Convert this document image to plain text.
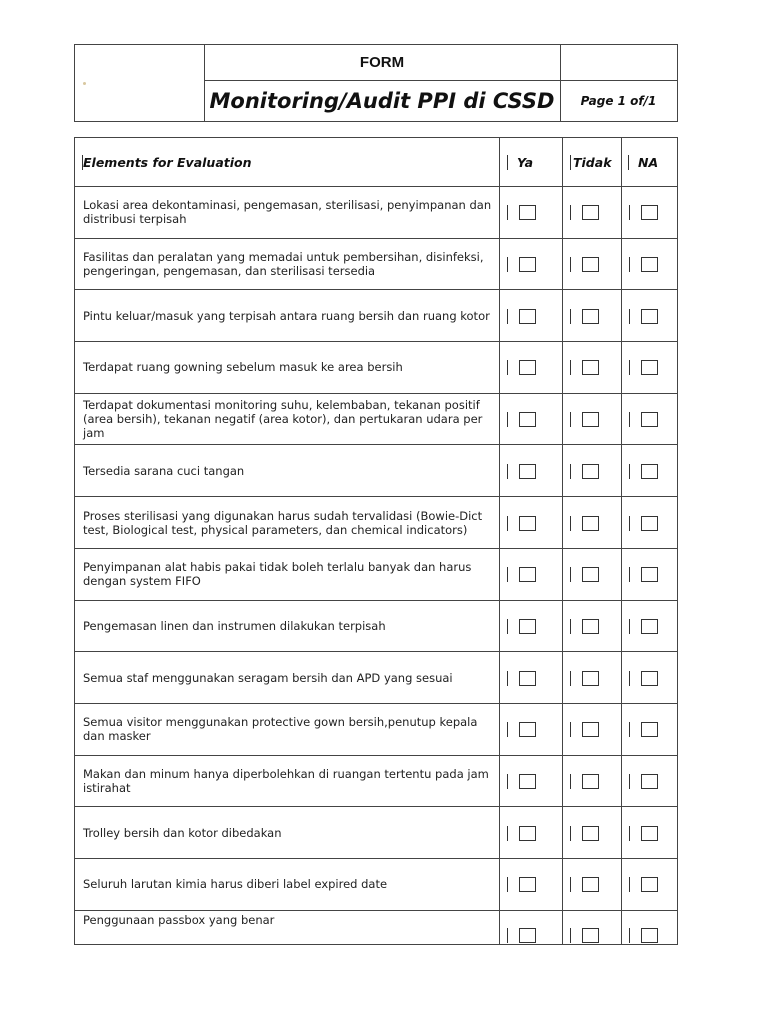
FORM
Monitoring/Audit PPI di CSSD	Page 1 of/1
Elements for Evaluation	Ya	Tidak NA
Lokasi area dekontaminasi, pengemasan, sterilisasi, penyimpanan dan distribusi terpisah
Fasilitas dan peralatan yang memadai untuk pembersihan, disinfeksi, pengeringan, pengemasan, dan sterilisasi tersedia
Pintu keluar/masuk yang terpisah antara ruang bersih dan ruang kotor
Terdapat ruang gowning sebelum masuk ke area bersih
Terdapat dokumentasi monitoring suhu, kelembaban, tekanan positif (area bersih), tekanan negatif (area kotor), dan pertukaran udara per jam
Tersedia sarana cuci tangan
Proses sterilisasi yang digunakan harus sudah tervalidasi (Bowie-Dict test, Biological test, physical parameters, dan chemical indicators)
Penyimpanan alat habis pakai tidak boleh terlalu banyak dan harus dengan system FIFO
Pengemasan linen dan instrumen dilakukan terpisah
Semua staf menggunakan seragam bersih dan APD yang sesuai
Semua visitor menggunakan protective gown bersih,penutup kepala dan masker
Makan dan minum hanya diperbolehkan di ruangan tertentu pada jam istirahat
Trolley bersih dan kotor dibedakan
Seluruh larutan kimia harus diberi label expired date
Penggunaan passbox yang benar
